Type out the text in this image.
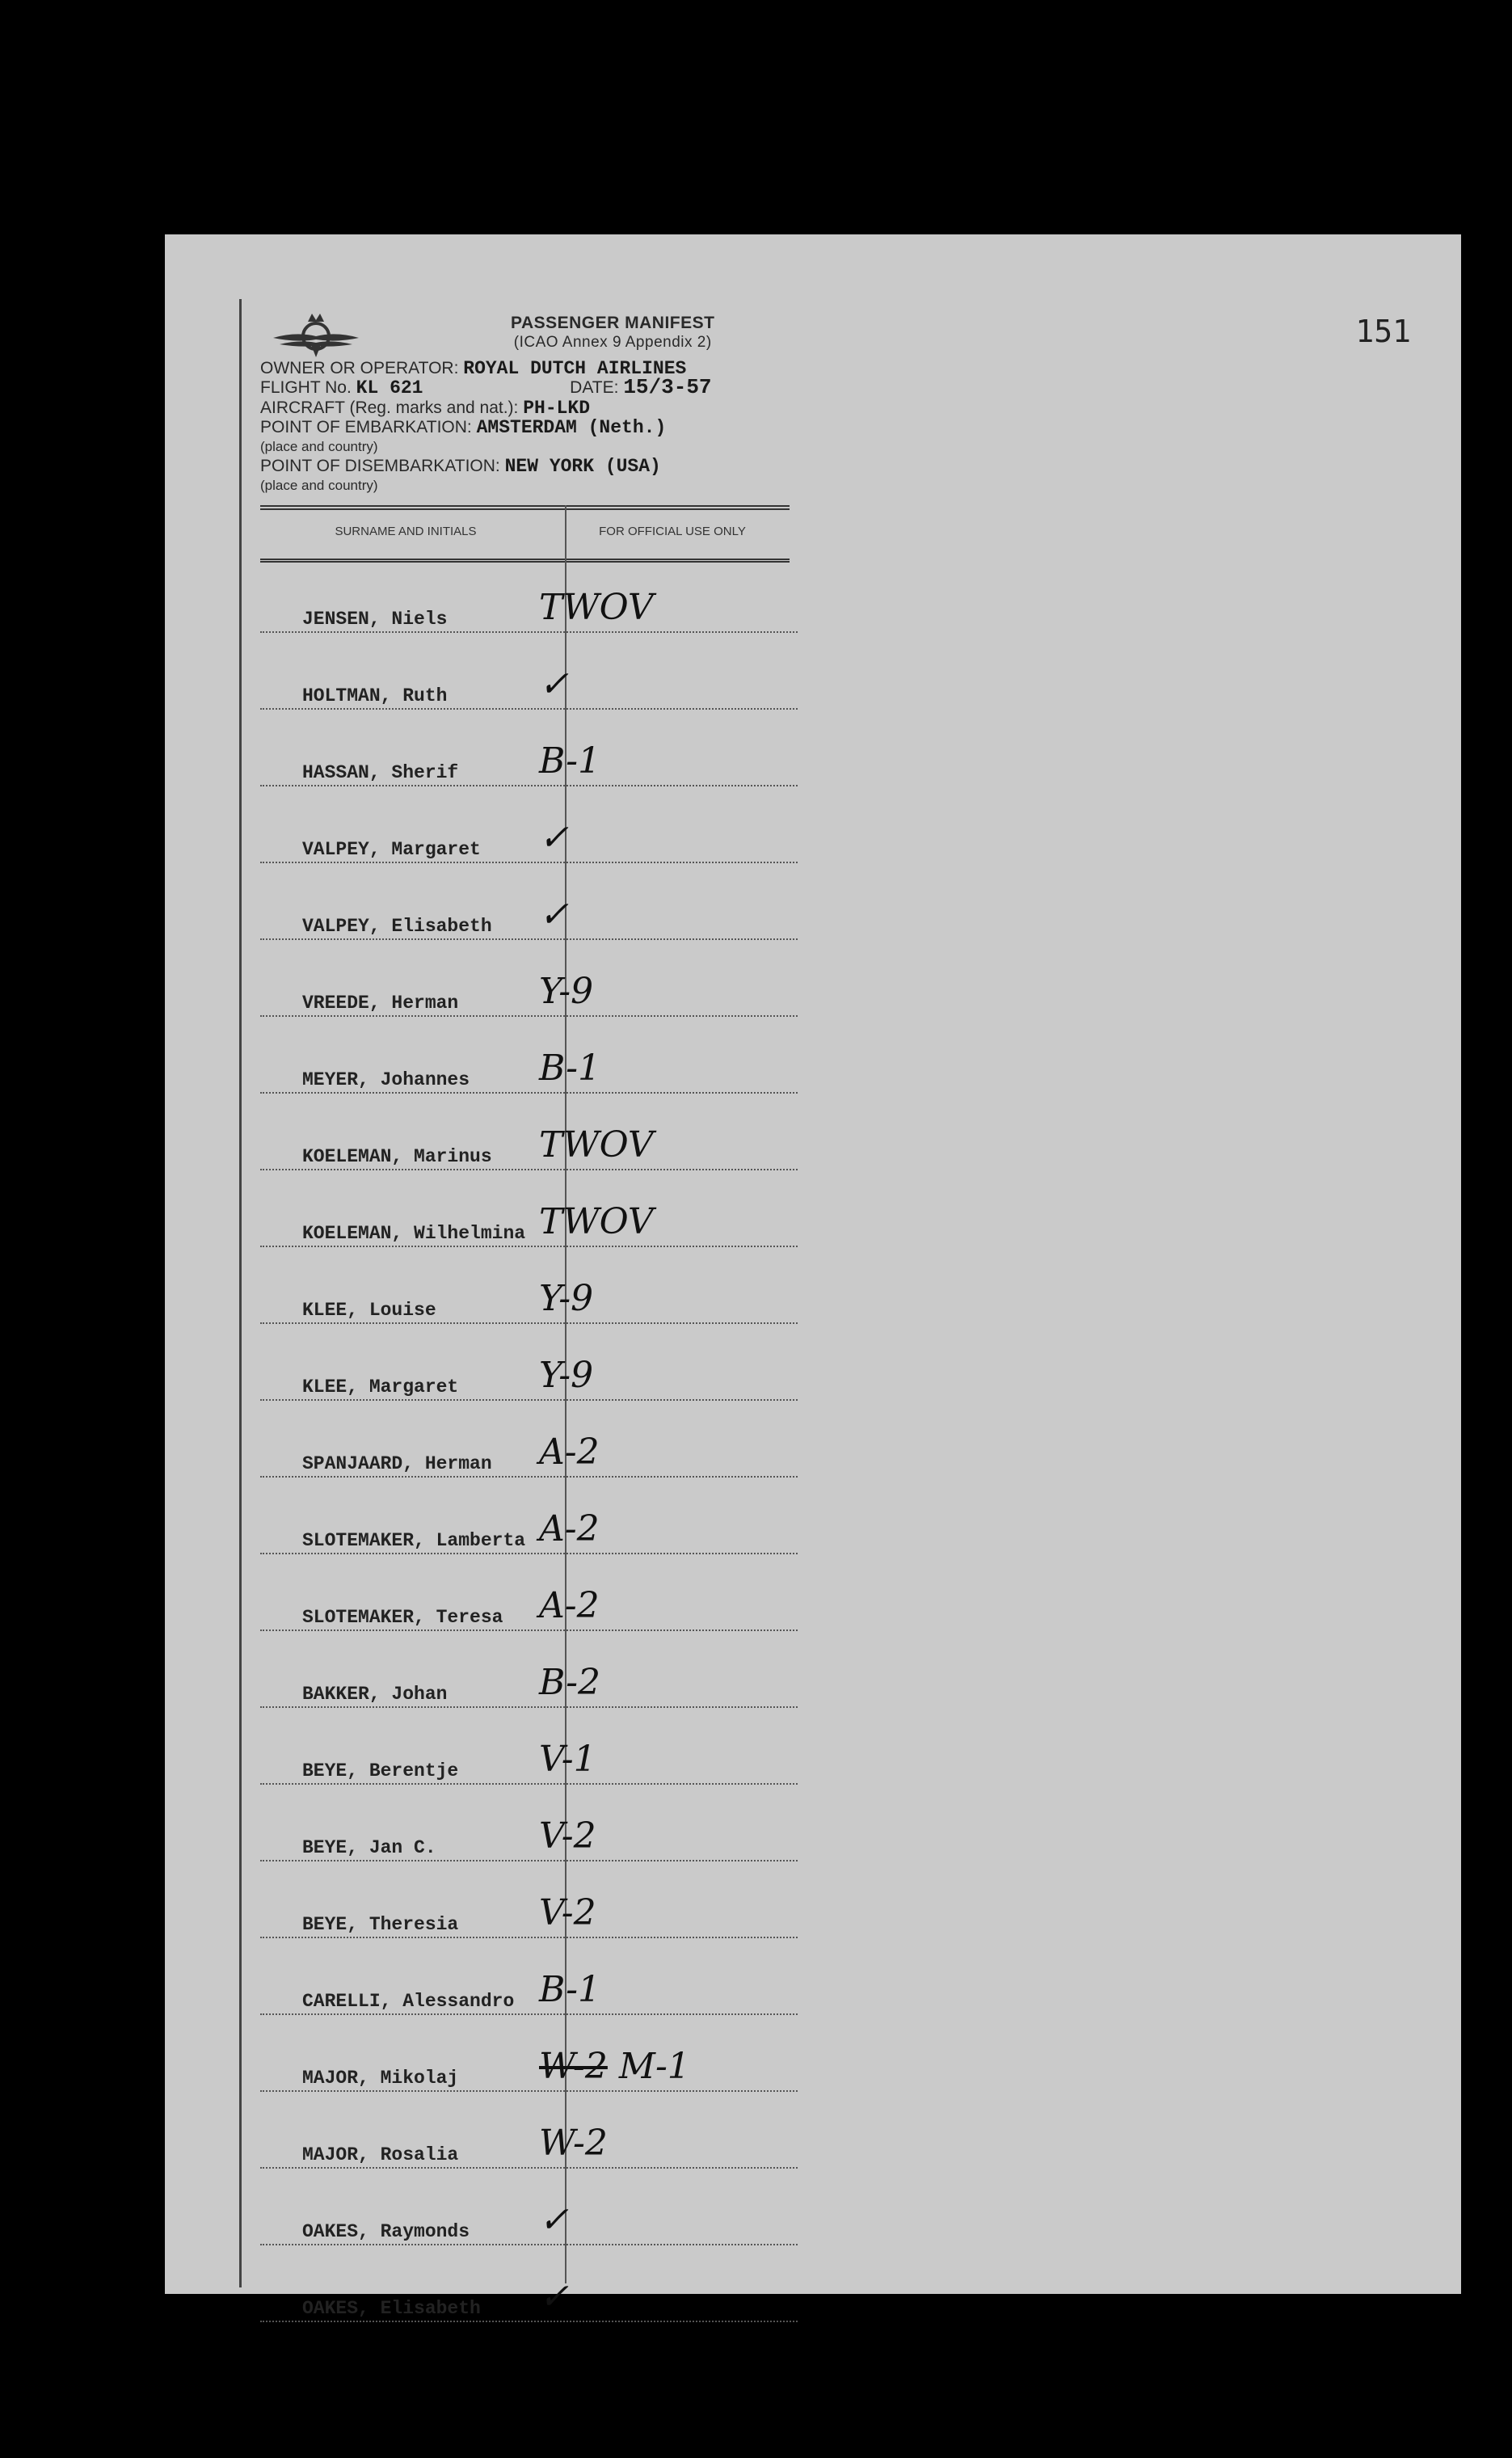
151
PASSENGER MANIFEST
(ICAO Annex 9 Appendix 2)
OWNER OR OPERATOR: ROYAL DUTCH AIRLINES
FLIGHT No. KL 621	DATE: 15/3-57
AIRCRAFT (Reg. marks and nat.): PH-LKD
POINT OF EMBARKATION: AMSTERDAM (Neth.)
(place and country)
POINT OF DISEMBARKATION: NEW YORK (USA)
(place and country)
SURNAME AND INITIALS	FOR OFFICIAL USE ONLY
JENSEN, Niels	TWOV
HOLTMAN, Ruth	✓
HASSAN, Sherif B-1
VALPEY, Margaret ✓
VALPEY, Elisabeth ✓
VREEDE, Herman Y-9
MEYER, Johannes B-1
KOELEMAN, Marinus TWOV
KOELEMAN, Wilhelmina TWOV
KLEE, Louise	Y-9
KLEE, Margaret Y-9
SPANJAARD, Herman A-2
SLOTEMAKER, Lamberta A-2
SLOTEMAKER, Teresa A-2
BAKKER, Johan	B-2
BEYE, Berentje V-1
BEYE, Jan C.	V-2
BEYE, Theresia V-2
CARELLI, Alessandro B-1
MAJOR, Mikolaj W-2 M-1
MAJOR, Rosalia W-2
OAKES, Raymonds ✓
OAKES, Elisabeth ✓
